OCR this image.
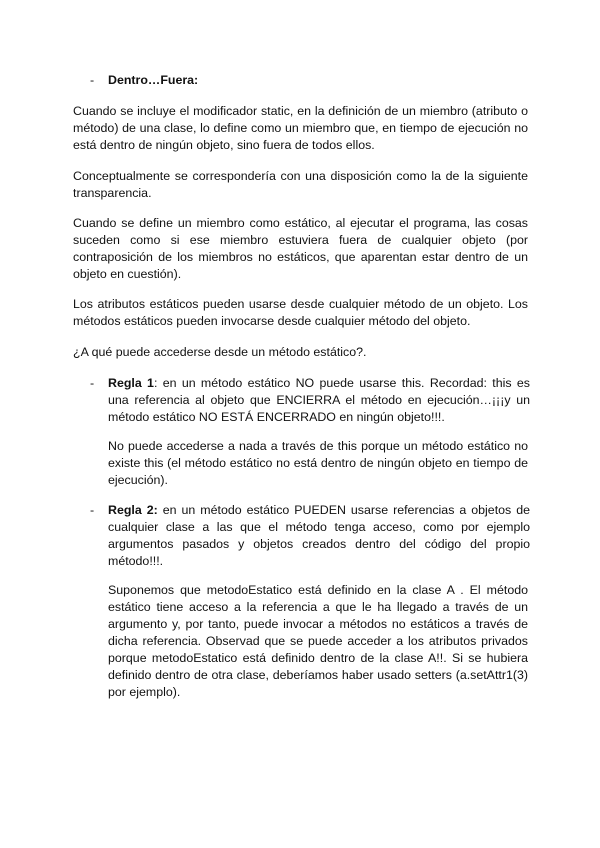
- Dentro…Fuera:
Cuando se incluye el modificador static, en la definición de un miembro (atributo o método) de una clase, lo define como un miembro que, en tiempo de ejecución no está dentro de ningún objeto, sino fuera de todos ellos.
Conceptualmente se correspondería con una disposición como la de la siguiente transparencia.
Cuando se define un miembro como estático, al ejecutar el programa, las cosas suceden como si ese miembro estuviera fuera de cualquier objeto (por contraposición de los miembros no estáticos, que aparentan estar dentro de un objeto en cuestión).
Los atributos estáticos pueden usarse desde cualquier método de un objeto. Los métodos estáticos pueden invocarse desde cualquier método del objeto.
¿A qué puede accederse desde un método estático?.
- Regla 1: en un método estático NO puede usarse this. Recordad: this es una referencia al objeto que ENCIERRA el método en ejecución…¡¡¡y un método estático NO ESTÁ ENCERRADO en ningún objeto!!!.
No puede accederse a nada a través de this porque un método estático no existe this (el método estático no está dentro de ningún objeto en tiempo de ejecución).
- Regla 2: en un método estático PUEDEN usarse referencias a objetos de cualquier clase a las que el método tenga acceso, como por ejemplo argumentos pasados y objetos creados dentro del código del propio método!!!.
Suponemos que metodoEstatico está definido en la clase A . El método estático tiene acceso a la referencia a que le ha llegado a través de un argumento y, por tanto, puede invocar a métodos no estáticos a través de dicha referencia. Observad que se puede acceder a los atributos privados porque metodoEstatico está definido dentro de la clase A!!. Si se hubiera definido dentro de otra clase, deberíamos haber usado setters (a.setAttr1(3) por ejemplo).
